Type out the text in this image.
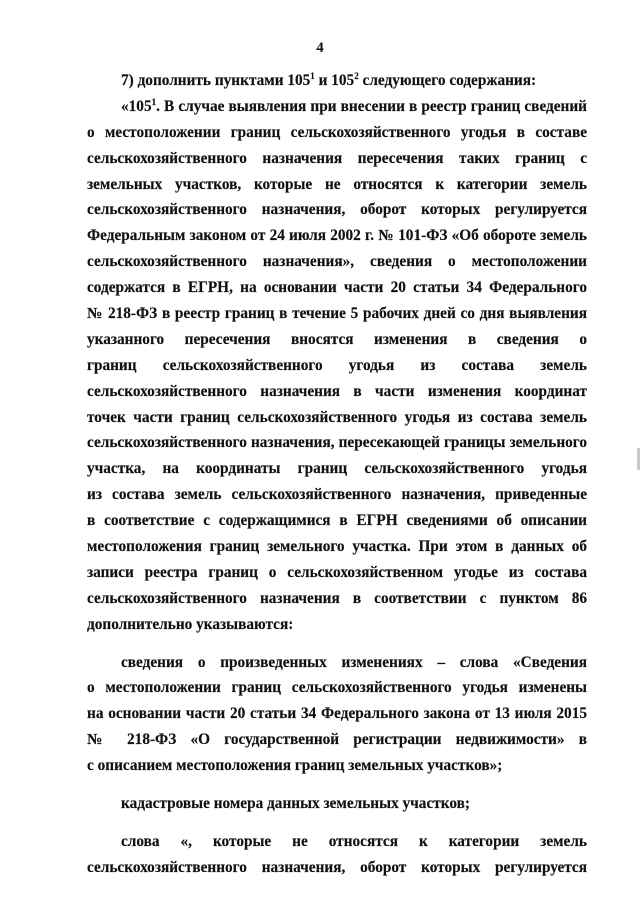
4
7) дополнить пунктами $105^1$ и $105^2$ следующего содержания:
«$105^1$. В случае выявления при внесении в реестр границ сведений
о местоположении границ сельскохозяйственного угодья в составе
сельскохозяйственного назначения пересечения таких границ с
земельных участков, которые не относятся к категории земель
сельскохозяйственного назначения, оборот которых регулируется
Федеральным законом от 24 июля 2002 г. № 101-ФЗ «Об обороте земель
сельскохозяйственного назначения», сведения о местоположении
содержатся в ЕГРН, на основании части 20 статьи 34 Федерального
№ 218-ФЗ в реестр границ в течение 5 рабочих дней со дня выявления
указанного пересечения вносятся изменения в сведения о
границ сельскохозяйственного угодья из состава земель
сельскохозяйственного назначения в части изменения координат
точек части границ сельскохозяйственного угодья из состава земель
сельскохозяйственного назначения, пересекающей границы земельного
участка, на координаты границ сельскохозяйственного угодья
из состава земель сельскохозяйственного назначения, приведенные
в соответствие с содержащимися в ЕГРН сведениями об описании
местоположения границ земельного участка. При этом в данных об
записи реестра границ о сельскохозяйственном угодье из состава
сельскохозяйственного назначения в соответствии с пунктом 86
дополнительно указываются:
сведения о произведенных изменениях – слова «Сведения
о местоположении границ сельскохозяйственного угодья изменены
на основании части 20 статьи 34 Федерального закона от 13 июля 2015
№ 218-ФЗ «О государственной регистрации недвижимости» в
с описанием местоположения границ земельных участков»;
кадастровые номера данных земельных участков;
слова «, которые не относятся к категории земель
сельскохозяйственного назначения, оборот которых регулируется
